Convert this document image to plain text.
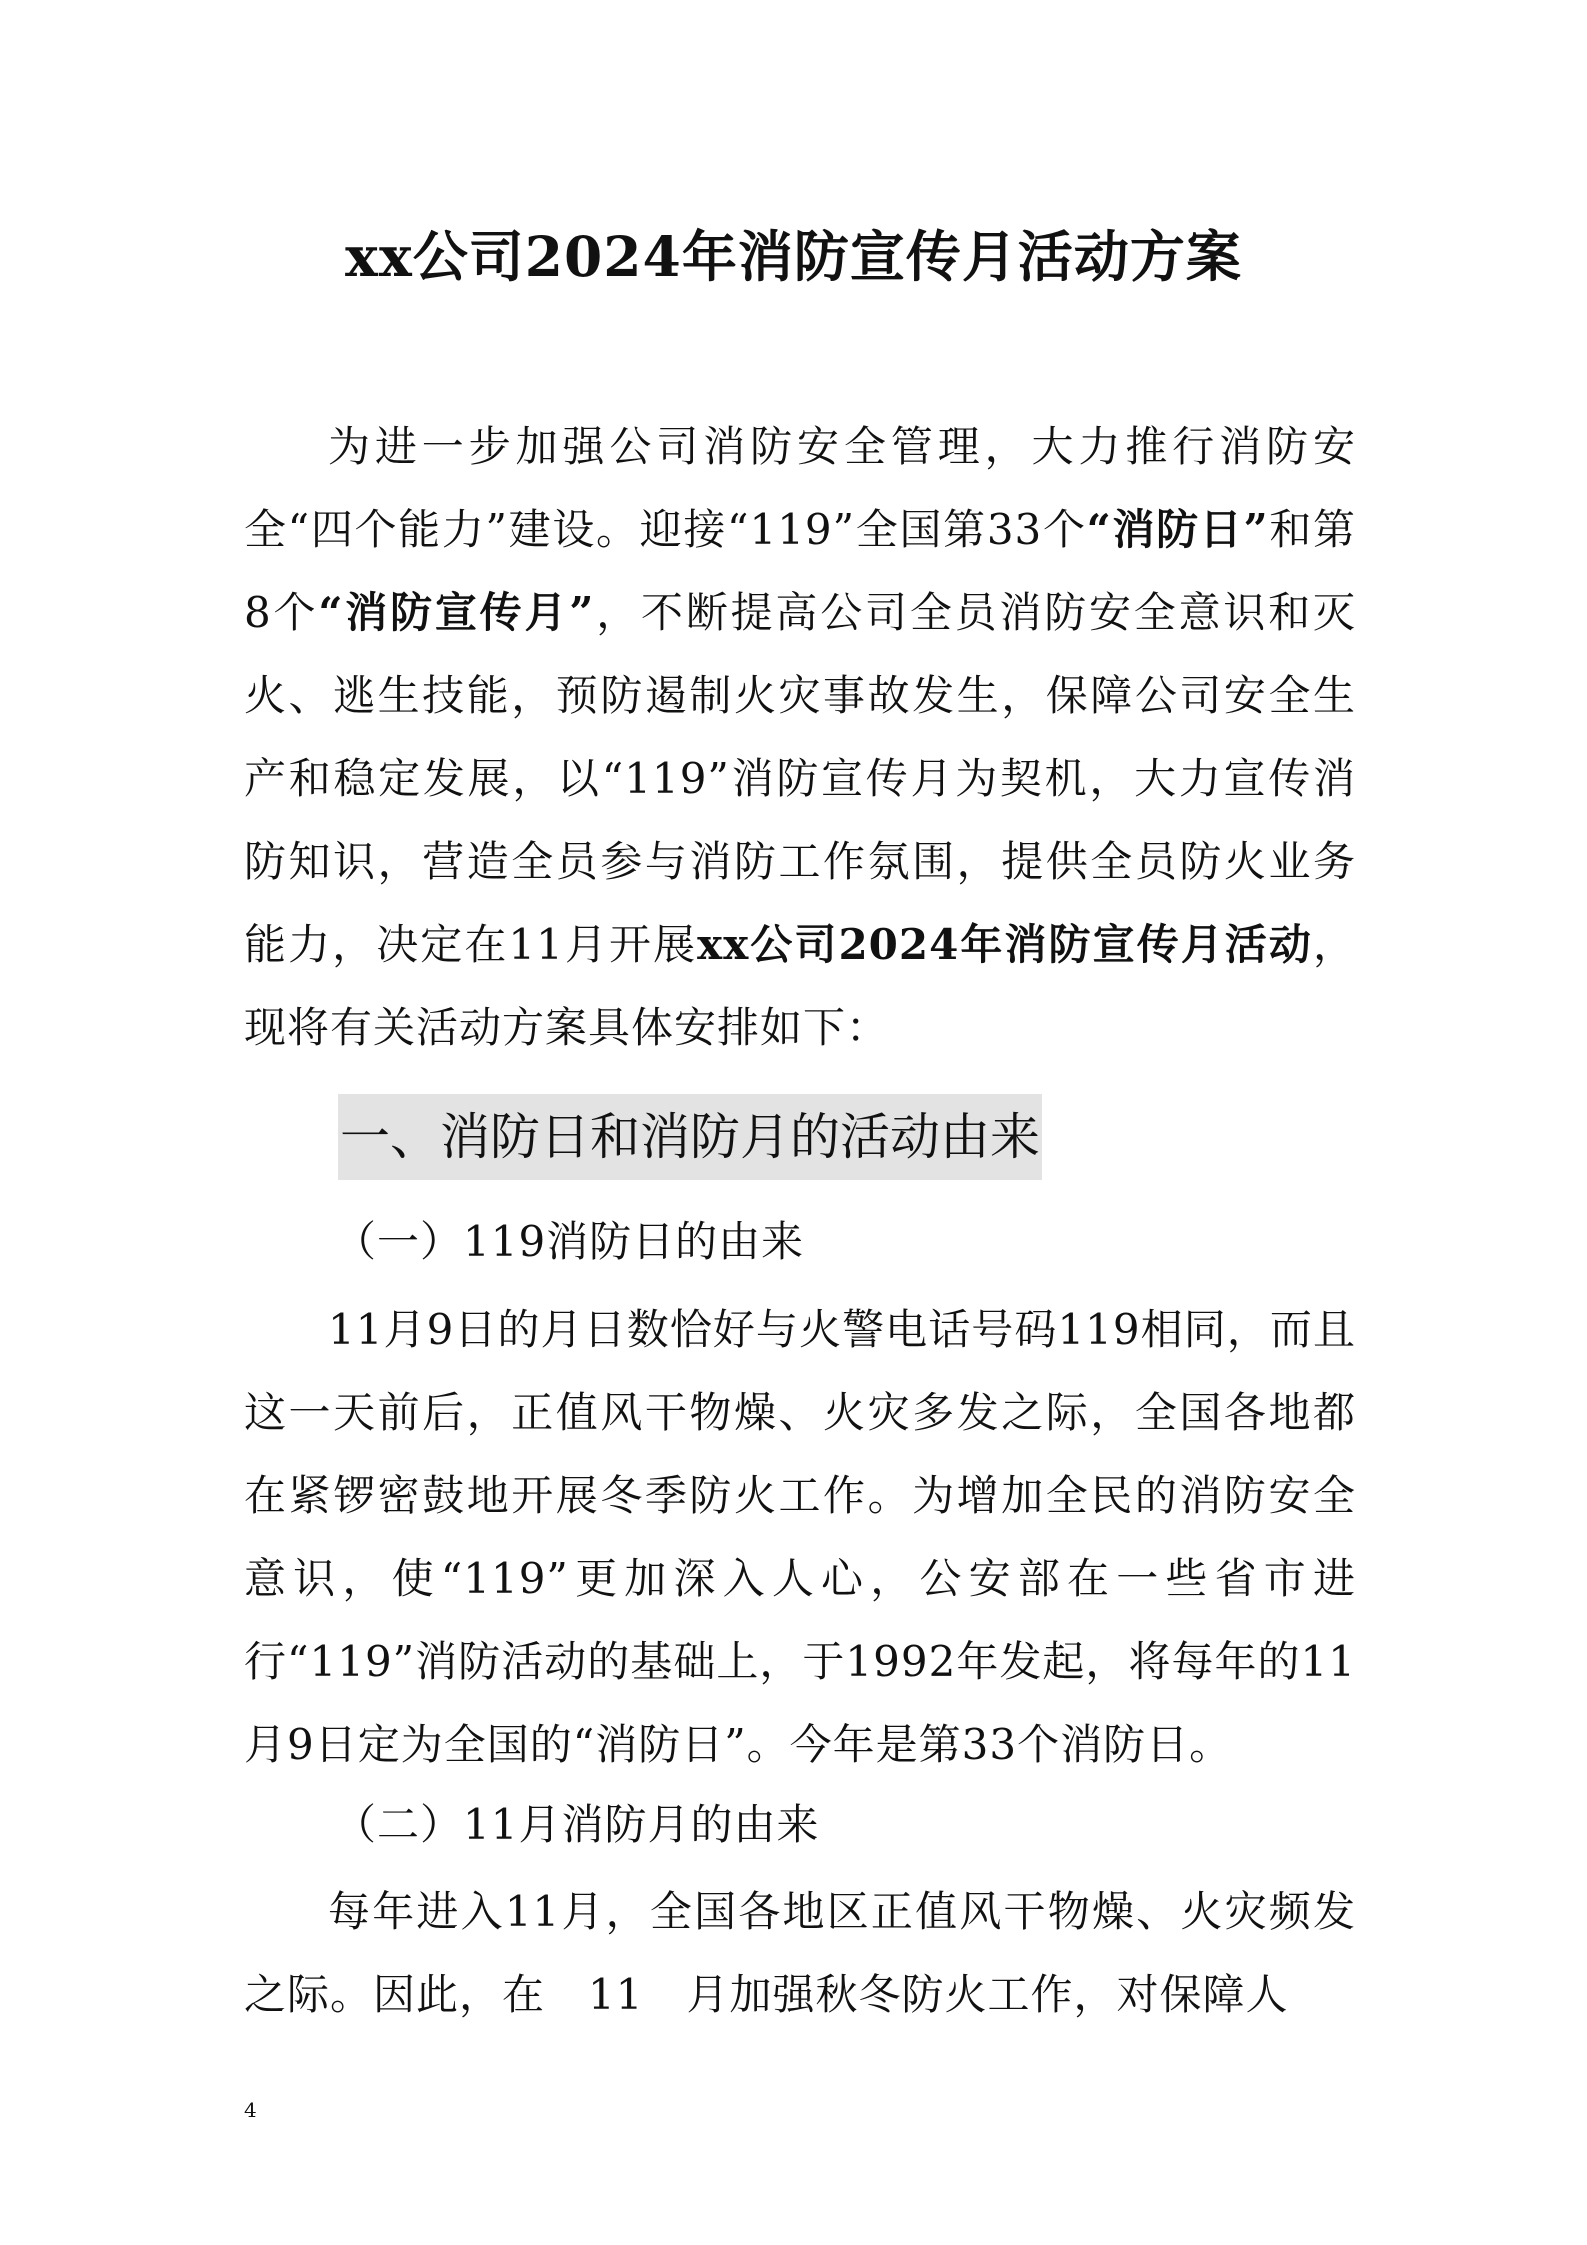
xx公司2024年消防宣传月活动方案
为进一步加强公司消防安全管理，大力推行消防安全“四个能力”建设。迎接“119”全国第33个“消防日”和第8个“消防宣传月”，不断提高公司全员消防安全意识和灭火、逃生技能，预防遏制火灾事故发生，保障公司安全生产和稳定发展，以“119”消防宣传月为契机，大力宣传消防知识，营造全员参与消防工作氛围，提供全员防火业务能力，决定在11月开展xx公司2024年消防宣传月活动，现将有关活动方案具体安排如下：
一、消防日和消防月的活动由来
（一）119消防日的由来
11月9日的月日数恰好与火警电话号码119相同，而且这一天前后，正值风干物燥、火灾多发之际，全国各地都在紧锣密鼓地开展冬季防火工作。为增加全民的消防安全意识，使“119”更加深入人心，公安部在一些省市进行“119”消防活动的基础上，于1992年发起，将每年的11月9日定为全国的“消防日”。今年是第33个消防日。
（二）11月消防月的由来
每年进入11月，全国各地区正值风干物燥、火灾频发之际。因此，在　11　月加强秋冬防火工作，对保障人
4
